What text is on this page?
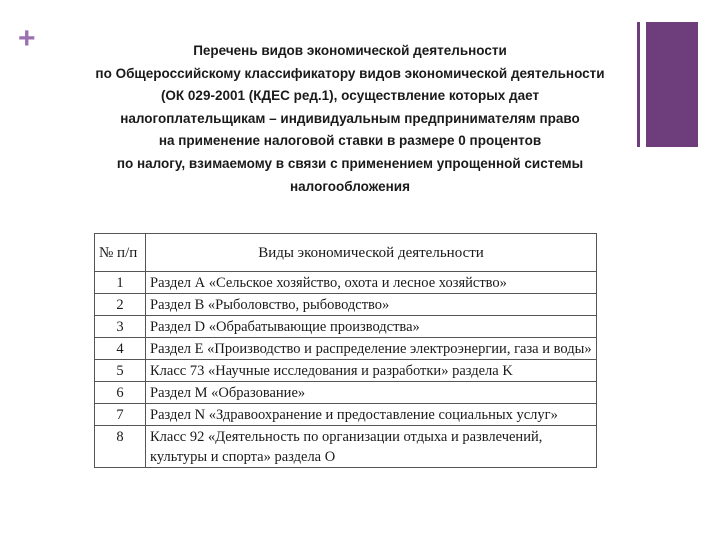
+	Перечень видов экономической деятельности
по Общероссийскому классификатору видов экономической деятельности
(ОК 029-2001 (КДЕС ред.1), осуществление которых дает
налогоплательщикам – индивидуальным предпринимателям право
на применение налоговой ставки в размере 0 процентов
по налогу, взимаемому в связи с применением упрощенной системы
налогообложения
№ п/п	Виды экономической деятельности
1	Раздел А «Сельское хозяйство, охота и лесное хозяйство»
2	Раздел B «Рыболовство, рыбоводство»
3	Раздел D «Обрабатывающие производства»
4	Раздел E «Производство и распределение электроэнергии, газа и воды»
5	Класс 73 «Научные исследования и разработки» раздела K
6	Раздел M «Образование»
7	Раздел N «Здравоохранение и предоставление социальных услуг»
8	Класс 92 «Деятельность по организации отдыха и развлечений, культуры и спорта» раздела O
